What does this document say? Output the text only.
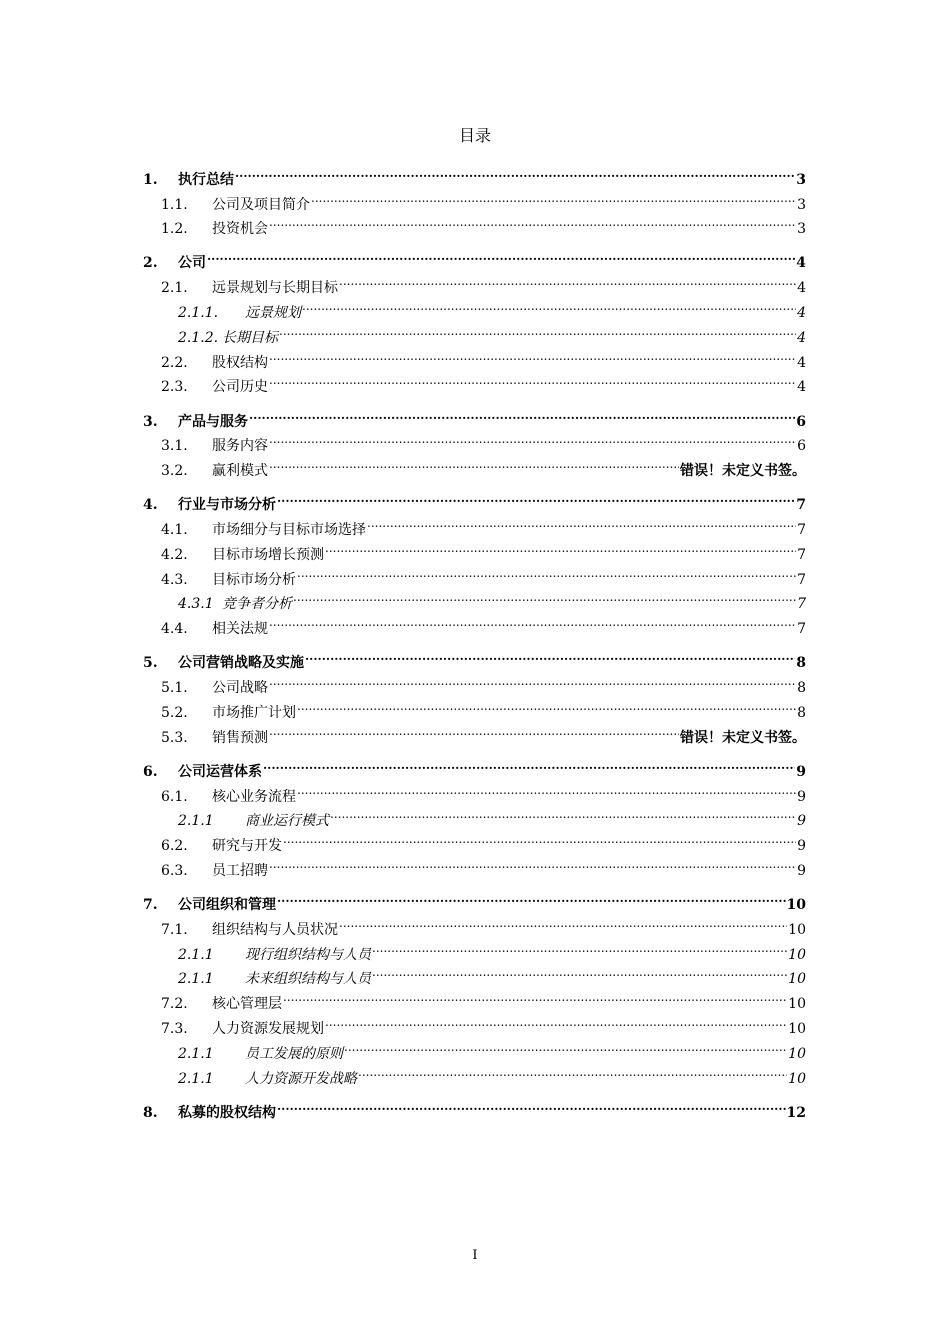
目录
1.	执行总结 .....	3
1.1.	公司及项目简介 .....	3
1.2.	投资机会 .....	3
2.	公司 .....	4
2.1.	远景规划与长期目标 .....	4
2.1.1.	远景规划 .....	4
2.1.2. 长期目标 .....	4
2.2.	股权结构 .....	4
2.3.	公司历史 .....	4
3.	产品与服务 .....	6
3.1.	服务内容 .....	6
3.2.	赢利模式 .....	错误！未定义书签。
4.	行业与市场分析 .....	7
4.1.	市场细分与目标市场选择 .....	7
4.2.	目标市场增长预测 .....	7
4.3.	目标市场分析 .....	7
4.3.1 竞争者分析 .....	7
4.4.	相关法规 .....	7
5.	公司营销战略及实施 .....	8
5.1.	公司战略 .....	8
5.2.	市场推广计划 .....	8
5.3.	销售预测 .....	错误！未定义书签。
6.	公司运营体系 .....	9
6.1.	核心业务流程 .....	9
2.1.1	商业运行模式 .....	9
6.2.	研究与开发 .....	9
6.3.	员工招聘 .....	9
7.	公司组织和管理 .....	10
7.1.	组织结构与人员状况 .....	10
2.1.1	现行组织结构与人员 .....	10
2.1.1	未来组织结构与人员 .....	10
7.2.	核心管理层 .....	10
7.3.	人力资源发展规划 .....	10
2.1.1	员工发展的原则 .....	10
2.1.1	人力资源开发战略 .....	10
8.	私募的股权结构 .....	12
I
